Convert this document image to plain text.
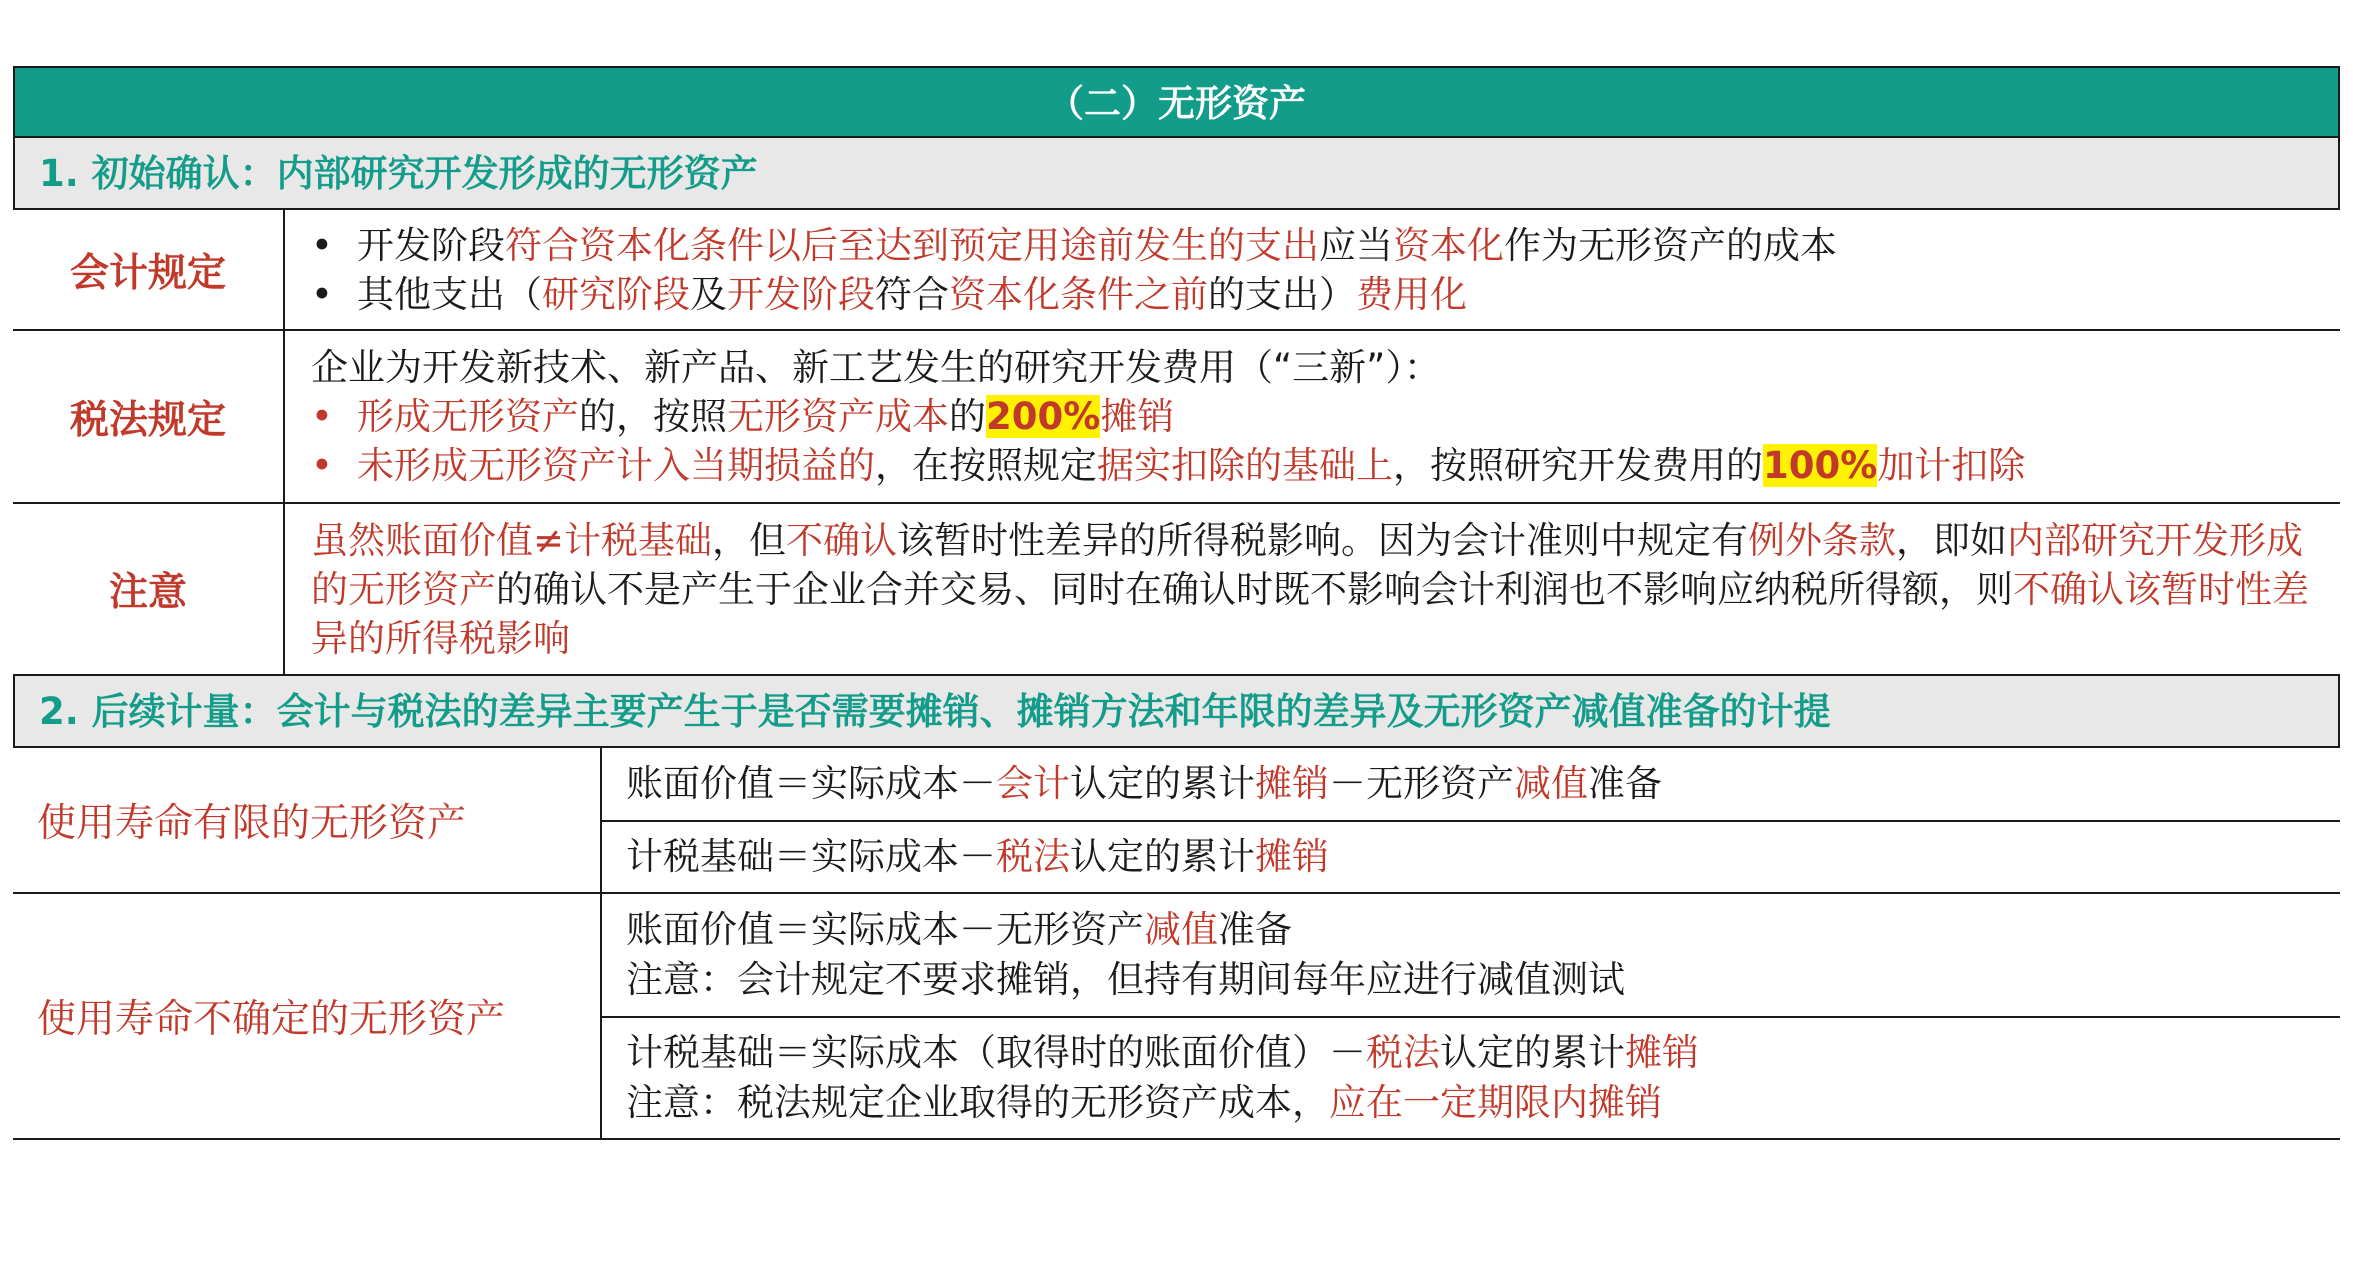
（二）无形资产
1. 初始确认：内部研究开发形成的无形资产
会计规定
• 开发阶段符合资本化条件以后至达到预定用途前发生的支出应当资本化作为无形资产的成本
• 其他支出（研究阶段及开发阶段符合资本化条件之前的支出）费用化
税法规定
企业为开发新技术、新产品、新工艺发生的研究开发费用（“三新”）：
• 形成无形资产的，按照无形资产成本的200%摊销
• 未形成无形资产计入当期损益的，在按照规定据实扣除的基础上，按照研究开发费用的100%加计扣除
注意
虽然账面价值≠计税基础，但不确认该暂时性差异的所得税影响。因为会计准则中规定有例外条款，即如内部研究开发形成的无形资产的确认不是产生于企业合并交易、同时在确认时既不影响会计利润也不影响应纳税所得额，则不确认该暂时性差异的所得税影响
2. 后续计量：会计与税法的差异主要产生于是否需要摊销、摊销方法和年限的差异及无形资产减值准备的计提
使用寿命有限的无形资产
账面价值＝实际成本－会计认定的累计摊销－无形资产减值准备
计税基础＝实际成本－税法认定的累计摊销
使用寿命不确定的无形资产
账面价值＝实际成本－无形资产减值准备
注意：会计规定不要求摊销，但持有期间每年应进行减值测试
计税基础＝实际成本（取得时的账面价值）－税法认定的累计摊销
注意：税法规定企业取得的无形资产成本，应在一定期限内摊销
